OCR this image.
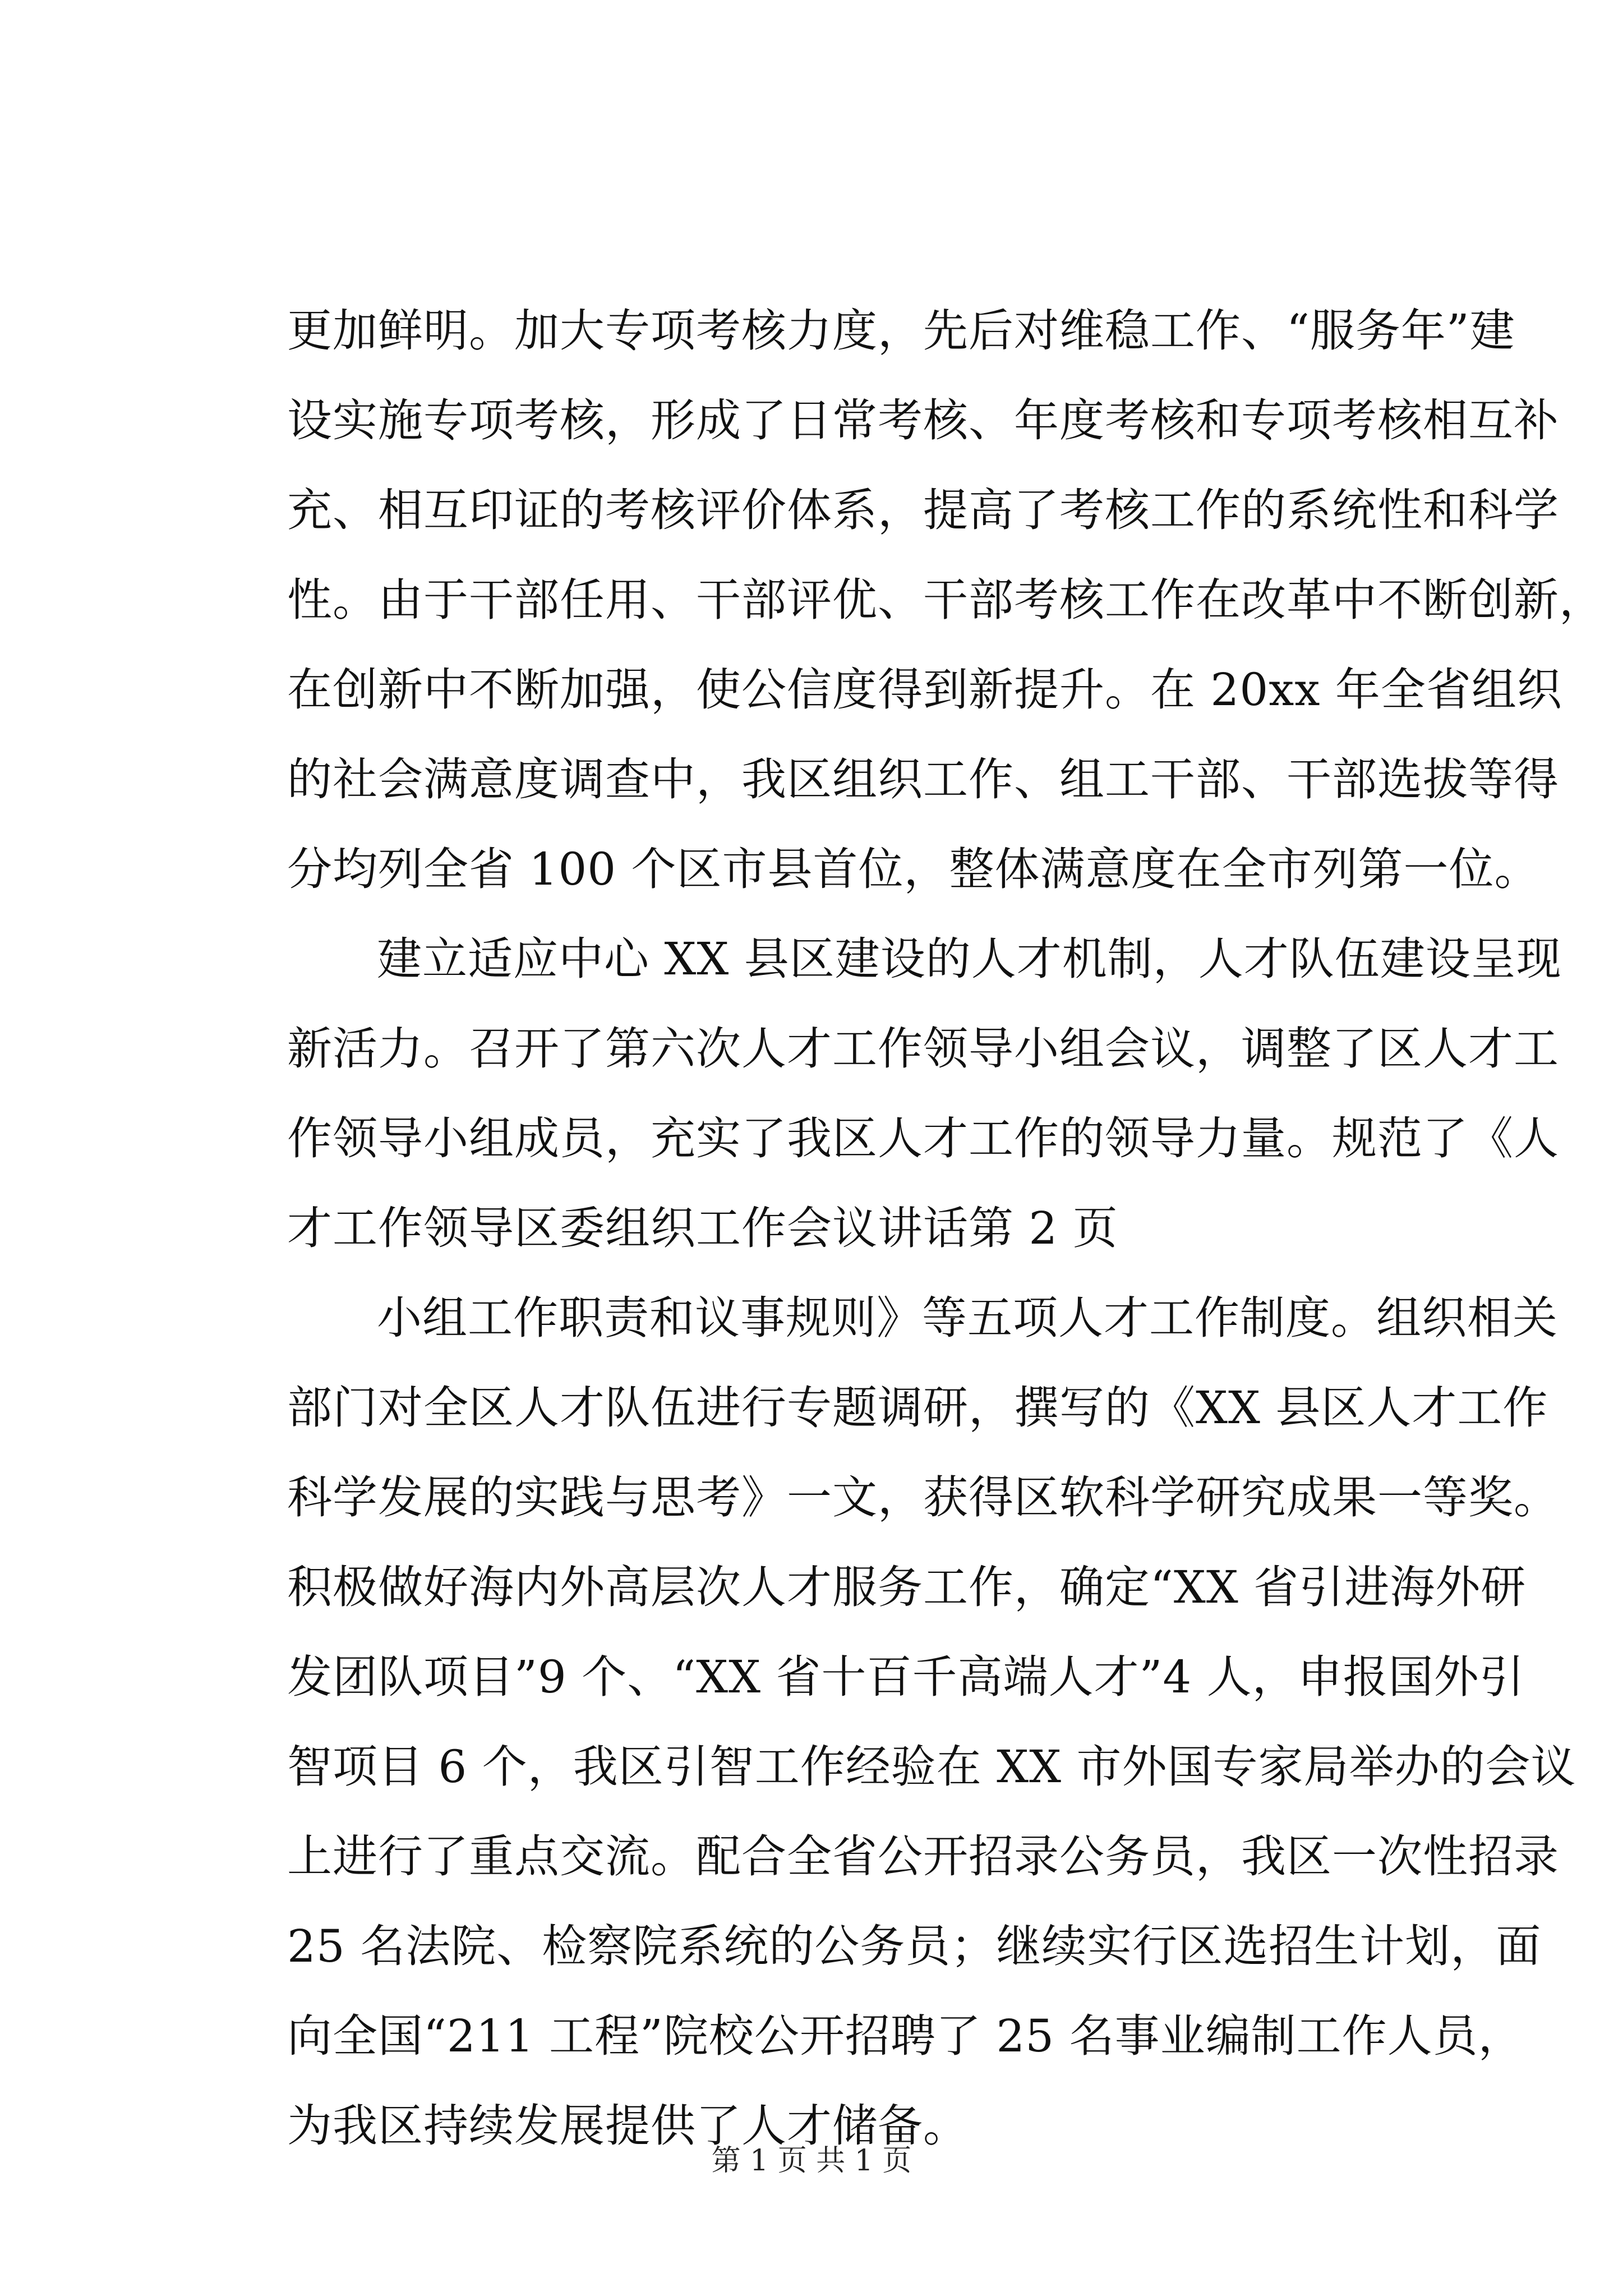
更加鲜明。加大专项考核力度，先后对维稳工作、“服务年”建
设实施专项考核，形成了日常考核、年度考核和专项考核相互补
充、相互印证的考核评价体系，提高了考核工作的系统性和科学
性。由于干部任用、干部评优、干部考核工作在改革中不断创新，
在创新中不断加强，使公信度得到新提升。在 20xx 年全省组织
的社会满意度调查中，我区组织工作、组工干部、干部选拔等得
分均列全省 100 个区市县首位，整体满意度在全市列第一位。
建立适应中心 XX 县区建设的人才机制，人才队伍建设呈现
新活力。召开了第六次人才工作领导小组会议，调整了区人才工
作领导小组成员，充实了我区人才工作的领导力量。规范了《人
才工作领导区委组织工作会议讲话第 2 页
小组工作职责和议事规则》等五项人才工作制度。组织相关
部门对全区人才队伍进行专题调研，撰写的《XX 县区人才工作
科学发展的实践与思考》一文，获得区软科学研究成果一等奖。
积极做好海内外高层次人才服务工作，确定“XX 省引进海外研
发团队项目”9 个、“XX 省十百千高端人才”4 人，申报国外引
智项目 6 个，我区引智工作经验在 XX 市外国专家局举办的会议
上进行了重点交流。配合全省公开招录公务员，我区一次性招录
25 名法院、检察院系统的公务员；继续实行区选招生计划，面
向全国“211 工程”院校公开招聘了 25 名事业编制工作人员，
为我区持续发展提供了人才储备。
第 1 页 共 1 页
